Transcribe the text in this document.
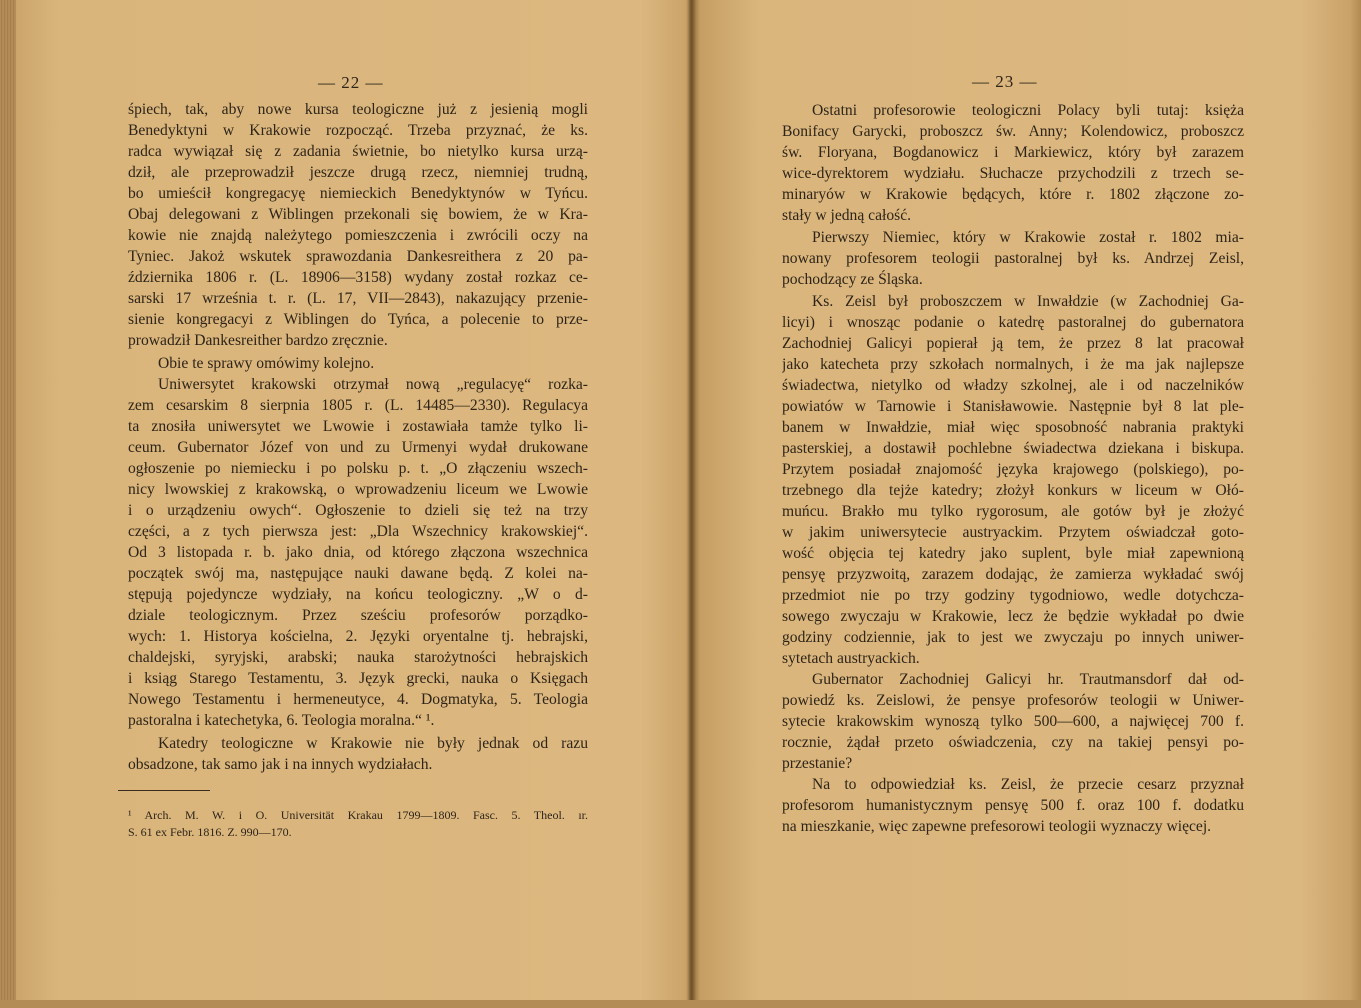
— 22 —
śpiech, tak, aby nowe kursa teologiczne już z jesienią mogli
Benedyktyni w Krakowie rozpocząć. Trzeba przyznać, że ks.
radca wywiązał się z zadania świetnie, bo nietylko kursa urzą-
dził, ale przeprowadził jeszcze drugą rzecz, niemniej trudną,
bo umieścił kongregacyę niemieckich Benedyktynów w Tyńcu.
Obaj delegowani z Wiblingen przekonali się bowiem, że w Kra-
kowie nie znajdą należytego pomieszczenia i zwrócili oczy na
Tyniec. Jakoż wskutek sprawozdania Dankesreithera z 20 pa-
ździernika 1806 r. (L. 18906—3158) wydany został rozkaz ce-
sarski 17 września t. r. (L. 17, VII—2843), nakazujący przenie-
sienie kongregacyi z Wiblingen do Tyńca, a polecenie to prze-
prowadził Dankesreither bardzo zręcznie.
Obie te sprawy omówimy kolejno.
Uniwersytet krakowski otrzymał nową „regulacyę“ rozka-
zem cesarskim 8 sierpnia 1805 r. (L. 14485—2330). Regulacya
ta znosiła uniwersytet we Lwowie i zostawiała tamże tylko li-
ceum. Gubernator Józef von und zu Urmenyi wydał drukowane
ogłoszenie po niemiecku i po polsku p. t. „O złączeniu wszech-
nicy lwowskiej z krakowską, o wprowadzeniu liceum we Lwowie
i o urządzeniu owych“. Ogłoszenie to dzieli się też na trzy
części, a z tych pierwsza jest: „Dla Wszechnicy krakowskiej“.
Od 3 listopada r. b. jako dnia, od którego złączona wszechnica
początek swój ma, następujące nauki dawane będą. Z kolei na-
stępują pojedyncze wydziały, na końcu teologiczny. „W o d-
dziale teologicznym. Przez sześciu profesorów porządko-
wych: 1. Historya kościelna, 2. Języki oryentalne tj. hebrajski,
chaldejski, syryjski, arabski; nauka starożytności hebrajskich
i ksiąg Starego Testamentu, 3. Język grecki, nauka o Księgach
Nowego Testamentu i hermeneutyce, 4. Dogmatyka, 5. Teologia
pastoralna i katechetyka, 6. Teologia moralna.“ ¹.
Katedry teologiczne w Krakowie nie były jednak od razu
obsadzone, tak samo jak i na innych wydziałach.
¹ Arch. M. W. i O. Universität Krakau 1799—1809. Fasc. 5. Theol. ır.
S. 61 ex Febr. 1816. Z. 990—170.
— 23 —
Ostatni profesorowie teologiczni Polacy byli tutaj: księża
Bonifacy Garycki, proboszcz św. Anny; Kolendowicz, proboszcz
św. Floryana, Bogdanowicz i Markiewicz, który był zarazem
wice-dyrektorem wydziału. Słuchacze przychodzili z trzech se-
minaryów w Krakowie będących, które r. 1802 złączone zo-
stały w jedną całość.
Pierwszy Niemiec, który w Krakowie został r. 1802 mia-
nowany profesorem teologii pastoralnej był ks. Andrzej Zeisl,
pochodzący ze Śląska.
Ks. Zeisl był proboszczem w Inwałdzie (w Zachodniej Ga-
licyi) i wnosząc podanie o katedrę pastoralnej do gubernatora
Zachodniej Galicyi popierał ją tem, że przez 8 lat pracował
jako katecheta przy szkołach normalnych, i że ma jak najlepsze
świadectwa, nietylko od władzy szkolnej, ale i od naczelników
powiatów w Tarnowie i Stanisławowie. Następnie był 8 lat ple-
banem w Inwałdzie, miał więc sposobność nabrania praktyki
pasterskiej, a dostawił pochlebne świadectwa dziekana i biskupa.
Przytem posiadał znajomość języka krajowego (polskiego), po-
trzebnego dla tejże katedry; złożył konkurs w liceum w Ołó-
muńcu. Brakło mu tylko rygorosum, ale gotów był je złożyć
w jakim uniwersytecie austryackim. Przytem oświadczał goto-
wość objęcia tej katedry jako suplent, byle miał zapewnioną
pensyę przyzwoitą, zarazem dodając, że zamierza wykładać swój
przedmiot nie po trzy godziny tygodniowo, wedle dotychcza-
sowego zwyczaju w Krakowie, lecz że będzie wykładał po dwie
godziny codziennie, jak to jest we zwyczaju po innych uniwer-
sytetach austryackich.
Gubernator Zachodniej Galicyi hr. Trautmansdorf dał od-
powiedź ks. Zeislowi, że pensye profesorów teologii w Uniwer-
sytecie krakowskim wynoszą tylko 500—600, a najwięcej 700 f.
rocznie, żądał przeto oświadczenia, czy na takiej pensyi po-
przestanie?
Na to odpowiedział ks. Zeisl, że przecie cesarz przyznał
profesorom humanistycznym pensyę 500 f. oraz 100 f. dodatku
na mieszkanie, więc zapewne prefesorowi teologii wyznaczy więcej.
